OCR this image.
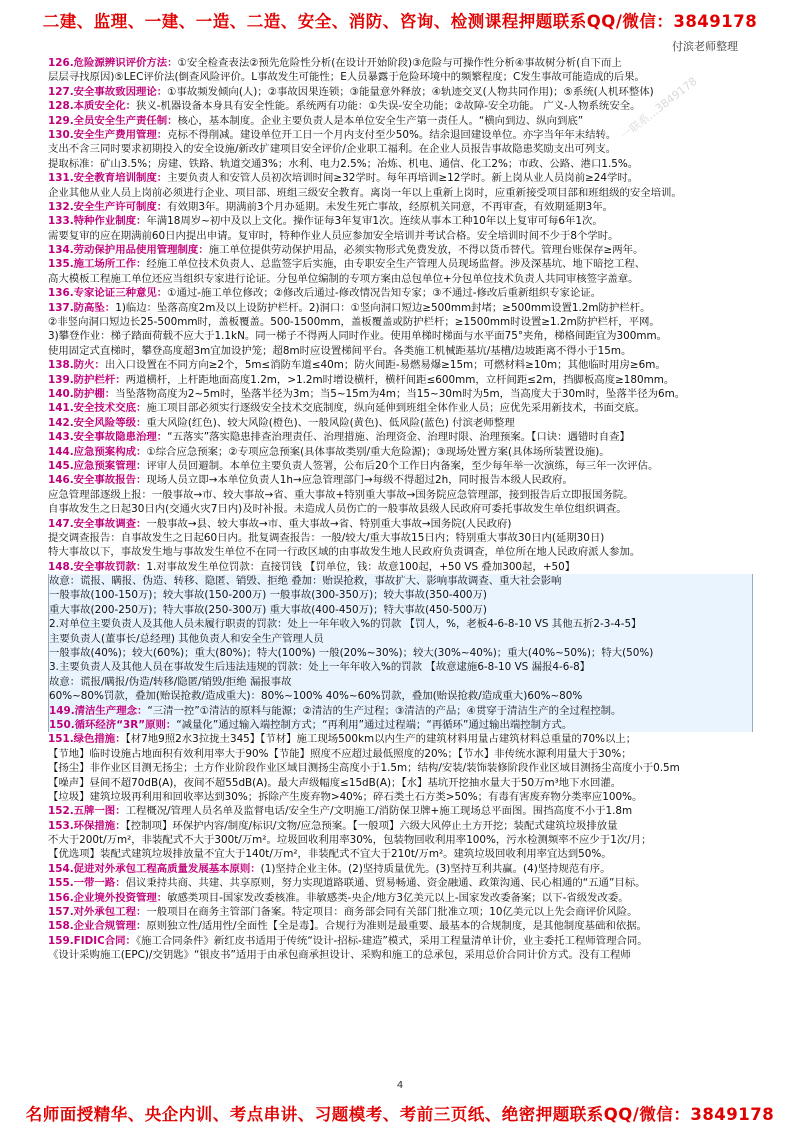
二建、监理、一建、一造、二造、安全、消防、咨询、检测课程押题联系QQ/微信：3849178
付滨老师整理
一联系…3849178
126.危险源辨识评价方法：①安全检查表法②预先危险性分析(在设计开始阶段)③危险与可操作性分析④事故树分析(自下而上
层层寻找原因)⑤LEC评价法(倒查风险评价。L事故发生可能性；E人员暴露于危险环境中的频繁程度；C发生事故可能造成的后果。
127.安全事故致因理论：①事故频发倾向(人)；②事故因果连锁；③能量意外释放；④轨迹交叉(人物共同作用)；⑤系统(人机环整体)
128.本质安全化：狭义-机器设备本身具有安全性能。系统两有功能：①失误-安全功能；②故障-安全功能。 广义-人物系统安全。
129.全员安全生产责任制：核心，基本制度。企业主要负责人是本单位安全生产第一责任人。“横向到边、纵向到底”
130.安全生产费用管理：克标不得削减。建设单位开工日一个月内支付至少50%。结余退回建设单位。亦字当年年末结转。
支出不含三同时要求初期投入的安全设施/新改扩建项目安全评价/企业职工福利。在企业人员报告事故隐患奖励支出可列支。
提取标准：矿山3.5%；房建、铁路、轨道交通3%；水利、电力2.5%；冶炼、机电、通信、化工2%；市政、公路、港口1.5%。
131.安全教育培训制度：主要负责人和安管人员初次培训时间≥32学时。每年再培训≥12学时。新上岗从业人员岗前≥24学时。
企业其他从业人员上岗前必须进行企业、项目部、班组三级安全教育。离岗一年以上重新上岗时，应重新接受项目部和班组级的安全培训。
132.安全生产许可制度：有效期3年。期满前3个月办延期。未发生死亡事故，经原机关同意，不再审查，有效期延期3年。
133.特种作业制度：年满18周岁~初中及以上文化。操作证每3年复审1次。连续从事本工种10年以上复审可每6年1次。
需要复审的应在期满前60日内提出申请。复审时，特种作业人员应参加安全培训并考试合格。安全培训时间不少于8个学时。
134.劳动保护用品使用管理制度：施工单位提供劳动保护用品，必须实物形式免费发放，不得以货币替代。管理台账保存≥两年。
135.施工场所工作：经施工单位技术负责人、总监签字后实施，由专职安全生产管理人员现场监督。涉及深基坑、地下暗挖工程、
高大模板工程施工单位还应当组织专家进行论证。分包单位编制的专项方案由总包单位+分包单位技术负责人共同审核签字盖章。
136.专家论证三种意见：①通过-施工单位修改；②修改后通过-修改情况告知专家；③不通过-修改后重新组织专家论证。
137.防高坠：1)临边：坠落高度2m及以上设防护栏杆。2)洞口：①竖向洞口短边≥500mm封堵；≥500mm设置1.2m防护栏杆。
②非竖向洞口短边长25-500mm时，盖板覆盖。500-1500mm，盖板覆盖或防护栏杆；≥1500mm时设置≥1.2m防护栏杆，平网。
3)攀登作业：梯子踏面荷载不应大于1.1kN。同一梯子不得两人同时作业。使用单梯时梯面与水平面75°夹角，梯格间距宜为300mm。
使用固定式直梯时，攀登高度超3m宜加设护笼；超8m时应设置梯间平台。各类施工机械距基坑/基槽/边坡距离不得小于15m。
138.防火：出入口设置在不同方向≥2个，5m≤消防车道≤40m；防火间距-易燃易爆≥15m；可燃材料≥10m；其他临时用房≥6m。
139.防护栏杆：两道横杆，上杆距地面高度1.2m，>1.2m时增设横杆，横杆间距≤600mm，立杆间距≤2m，挡脚板高度≥180mm。
140.防护棚：当坠落物高度为2~5m时，坠落半径为3m；当5~15m为4m；当15~30m时为5m，当高度大于30m时，坠落半径为6m。
141.安全技术交底：施工项目部必须实行逐级安全技术交底制度，纵向延伸到班组全体作业人员；应优先采用新技术，书面交底。
142.安全风险等级：重大风险(红色)、较大风险(橙色)、一般风险(黄色)、低风险(蓝色) 付滨老师整理
143.安全事故隐患治理：“五落实”落实隐患排查治理责任、治理措施、治理资金、治理时限、治理预案。【口诀：遇错时自查】
144.应急预案构成：①综合应急预案；②专项应急预案(具体事故类别/重大危险源)；③现场处置方案(具体场所装置设施)。
145.应急预案管理：评审人员回避制。本单位主要负责人签署，公布后20个工作日内备案，至少每年举一次演练，每三年一次评估。
146.安全事故报告：现场人员立即→本单位负责人1h→应急管理部门→每级不得超过2h，同时报告本级人民政府。
应急管理部逐级上报：一般事故→市、较大事故→省、重大事故+特别重大事故→国务院应急管理部，接到报告后立即报国务院。
自事故发生之日起30日内(交通火灾7日内)及时补报。未造成人员伤亡的一般事故县级人民政府可委托事故发生单位组织调查。
147.安全事故调查：一般事故→县、较大事故→市、重大事故→省、特别重大事故→国务院(人民政府)
提交调查报告：自事故发生之日起60日内。批复调查报告：一般/较大/重大事故15日内；特别重大事故30日内(延期30日)
特大事故以下，事故发生地与事故发生单位不在同一行政区域的由事故发生地人民政府负责调查，单位所在地人民政府派人参加。
148.安全事故罚款：1.对事故发生单位罚款：直接罚钱 【罚单位，钱：故意100起，+50 VS 叠加300起，+50】
故意：谎报、瞒报、伪造、转移、隐匿、销毁、拒绝 叠加：贻误抢救，事故扩大、影响事故调查、重大社会影响
一般事故(100-150万)；较大事故(150-200万) 一般事故(300-350万)；较大事故(350-400万)
重大事故(200-250万)；特大事故(250-300万) 重大事故(400-450万)；特大事故(450-500万)
2.对单位主要负责人及其他人员未履行职责的罚款：处上一年年收入%的罚款 【罚人，%，老板4-6-8-10 VS 其他五折2-3-4-5】
主要负责人(董事长/总经理) 其他负责人和安全生产管理人员
一般事故(40%)；较大(60%)；重大(80%)；特大(100%) 一般(20%~30%)；较大(30%~40%)；重大(40%~50%)；特大(50%)
3.主要负责人及其他人员在事故发生后违法违规的罚款：处上一年年收入%的罚款 【故意逮施6-8-10 VS 漏报4-6-8】
故意：谎报/瞒报/伪造/转移/隐匿/销毁/拒绝 漏报事故
60%~80%罚款，叠加(贻误抢救/造成重大)：80%~100% 40%~60%罚款，叠加(贻误抢救/造成重大)60%~80%
149.清洁生产理念：“三清一控”①清洁的原料与能源；②清洁的生产过程；③清洁的产品；④贯穿于清洁生产的全过程控制。
150.循环经济“3R”原则：“减量化”通过输入端控制方式；“再利用”通过过程端；“再循环”通过输出端控制方式。
151.绿色措施：【材7地9照2水3拉拢土345】【节材】施工现场500km以内生产的建筑材料用量占建筑材料总重量的70%以上；
【节地】临时设施占地面积有效利用率大于90%【节能】照度不应超过最低照度的20%；【节水】非传统水源利用量大于30%；
【扬尘】非作业区目测无扬尘；土方作业阶段作业区域目测扬尘高度小于1.5m；结构/安装/装饰装修阶段作业区域目测扬尘高度小于0.5m
【噪声】昼间不超70dB(A)，夜间不超55dB(A)。最大声级幅度≤15dB(A)；【水】基坑开挖抽水量大于50万m³地下水回灌。
【垃圾】建筑垃圾再利用和回收率达到30%；拆除产生废弃物>40%；碎石类土石方类>50%；有毒有害废弃物分类率应100%。
152.五牌一图：工程概况/管理人员名单及监督电话/安全生产/文明施工/消防保卫牌+施工现场总平面图。围挡高度不小于1.8m
153.环保措施：【控制项】环保护内容/制度/标识/文物/应急预案。【一般项】六级大风停止土方开挖；装配式建筑垃圾排放量
不大于200t/万m²，非装配式不大于300t/万m²。垃圾回收利用率30%，包装物回收利用率100%，污水检测频率不应少于1次/月；
【优选项】装配式建筑垃圾排放量不宜大于140t/万m²，非装配式不宜大于210t/万m²。建筑垃圾回收利用率宜达到50%。
154.促进对外承包工程高质量发展基本原则：(1)坚持企业主体。(2)坚持质量优先。(3)坚持互利共赢。(4)坚持规范有序。
155.一带一路：倡议秉持共商、共建、共享原则，努力实现道路联通、贸易畅通、资金融通、政策沟通、民心相通的“五通”目标。
156.企业境外投资管理：敏感类项目-国家发改委核准。非敏感类-央企/地方3亿美元以上-国家发改委备案；以下-省级发改委。
157.对外承包工程：一般项目在商务主管部门备案。特定项目：商务部会同有关部门批准立项；10亿美元以上先会商评价风险。
158.企业合规管理：原则独立性/适用性/全面性【全是毒】。合规行为准则是最重要、最基本的合规制度，是其他制度基础和依据。
159.FIDIC合同：《施工合同条件》新红皮书适用于传统“设计-招标-建造”模式，采用工程量清单计价，业主委托工程师管理合同。
《设计采购施工(EPC)/交钥匙》“银皮书”适用于由承包商承担设计、采购和施工的总承包，采用总价合同计价方式。没有工程师
4
名师面授精华、央企内训、考点串讲、习题模考、考前三页纸、绝密押题联系QQ/微信：3849178
